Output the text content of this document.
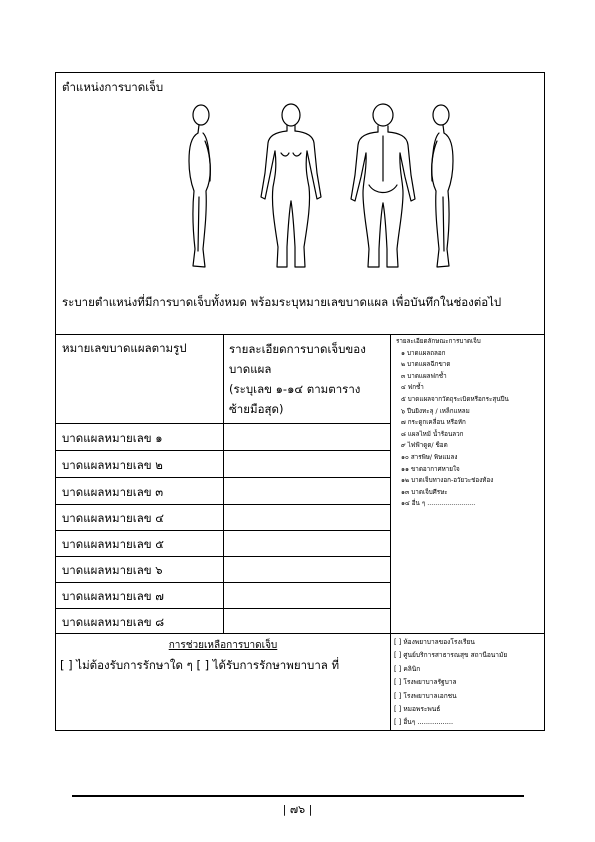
ตำแหน่งการบาดเจ็บ
ระบายตำแหน่งที่มีการบาดเจ็บทั้งหมด พร้อมระบุหมายเลขบาดแผล เพื่อบันทึกในช่องต่อไป
หมายเลขบาดแผลตามรูป	รายละเอียดการบาดเจ็บของ
บาดแผล
(ระบุเลข ๑-๑๔ ตามตาราง
ซ้ายมือสุด)
บาดแผลหมายเลข ๑
บาดแผลหมายเลข ๒
บาดแผลหมายเลข ๓
บาดแผลหมายเลข ๔
บาดแผลหมายเลข ๕
บาดแผลหมายเลข ๖
บาดแผลหมายเลข ๗
บาดแผลหมายเลข ๘
รายละเอียดลักษณะการบาดเจ็บ
๑ บาดแผลถลอก
๒ บาดแผลฉีกขาด
๓ บาดแผลฟกช้ำ
๔ ฟกช้ำ
๕ บาดแผลจากวัตถุระเบิดหรือกระสุนปืน
๖ ปืนยิงทะลุ / เหล็กแหลม
๗ กระดูกเคลื่อน หรือหัก
๘ แผลไหม้ น้ำร้อนลวก
๙ ไฟฟ้าดูด/ ช็อต
๑๐ สารพิษ/ พิษแมลง
๑๑ ขาดอากาศหายใจ
๑๒ บาดเจ็บทางอก-อวัยวะช่องท้อง
๑๓ บาดเจ็บศีรษะ
๑๔ อื่น ๆ ........................
การช่วยเหลือการบาดเจ็บ
[ ] ไม่ต้องรับการรักษาใด ๆ [ ] ได้รับการรักษาพยาบาล ที่
[ ] ห้องพยาบาลของโรงเรียน
[ ] ศูนย์บริการสาธารณสุข สถานีอนามัย
[ ] คลินิก
[ ] โรงพยาบาลรัฐบาล
[ ] โรงพยาบาลเอกชน
[ ] หมอพระพนธ์
[ ] อื่นๆ .................
| ๗๖ |
